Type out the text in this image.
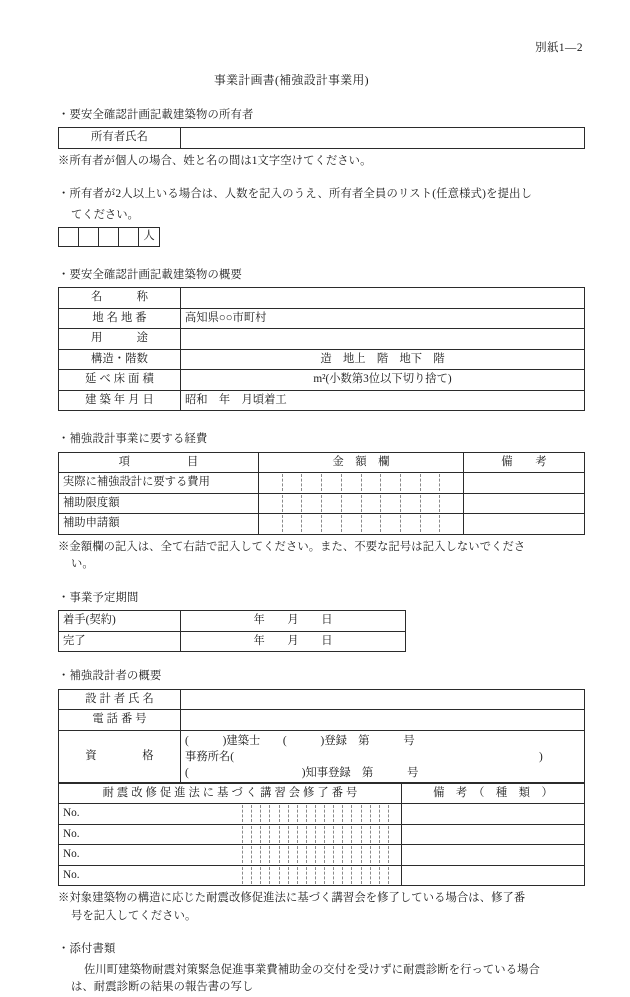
別紙1―2
事業計画書(補強設計事業用)
・要安全確認計画記載建築物の所有者
所有者氏名	
※所有者が個人の場合、姓と名の間は1文字空けてください。
・所有者が2人以上いる場合は、人数を記入のうえ、所有者全員のリスト(任意様式)を提出し
てください。
				人
・要安全確認計画記載建築物の概要
名　　　称	
地 名 地 番	高知県○○市町村
用　　　途	
構造・階数	造　地上　階　地下　階
延 べ 床 面 積	m²(小数第3位以下切り捨て)
建 築 年 月 日	昭和　年　月頃着工
・補強設計事業に要する経費
項　　　　　目	金　額　欄	備　　考
実際に補強設計に要する費用	

補助限度額	

補助申請額	

※金額欄の記入は、全て右詰で記入してください。また、不要な記号は記入しないでくださ
い。
・事業予定期間
着手(契約)	年　　月　　日
完了	年　　月　　日
・補強設計者の概要
設 計 者 氏 名	
電 話 番 号	
資　　　　格	(　　　)建築士　　(　　　)登録　第　　　号
事務所名(　　　　　　　　　　　　　　　　　　　　　　　　　　　)
(　　　　　　　　　　)知事登録　第　　　号
耐 震 改 修 促 進 法 に 基 づ く 講 習 会 修 了 番 号		備　考　（　種　類　）
No.	

No.	

No.	

No.	

※対象建築物の構造に応じた耐震改修促進法に基づく講習会を修了している場合は、修了番
号を記入してください。
・添付書類
佐川町建築物耐震対策緊急促進事業費補助金の交付を受けずに耐震診断を行っている場合
は、耐震診断の結果の報告書の写し
